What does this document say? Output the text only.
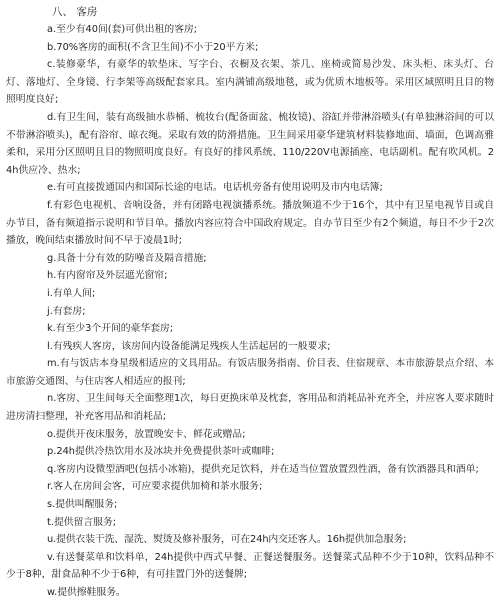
八、 客房

a.至少有40间(套)可供出租的客房;

b.70%客房的面积(不含卫生间)不小于20平方米;

c.装修豪华，有豪华的软垫床、写字台、衣橱及衣架、茶几、座椅或简易沙发、床头柜、床头灯、台灯、落地灯、全身镜、行李架等高级配套家具。室内满铺高级地毯，或为优质木地板等。采用区域照明且目的物照明度良好;

d.有卫生间，装有高级抽水恭桶、梳妆台(配备面盆、梳妆镜)、浴缸并带淋浴喷头(有单独淋浴间的可以不带淋浴喷头)，配有浴帘、晾衣绳。采取有效的防滑措施。卫生间采用豪华建筑材料装修地面、墙面，色调高雅柔和，采用分区照明且目的物照明度良好。有良好的排风系统、110/220V电源插座、电话副机。配有吹风机。24h供应冷、热水;

e.有可直接拨通国内和国际长途的电话。电话机旁备有使用说明及市内电话簿;

f.有彩色电视机、音响设备，并有闭路电视演播系统。播放频道不少于16个，其中有卫星电视节目或自办节目，备有频道指示说明和节目单。播放内容应符合中国政府规定。自办节目至少有2个频道，每日不少于2次播放，晚间结束播放时间不早于凌晨1时;

g.具备十分有效的防噪音及隔音措施;

h.有内窗帘及外层遮光窗帘;

i.有单人间;

j.有套房;

k.有至少3个开间的豪华套房;

l.有残疾人客房，该房间内设备能满足残疾人生活起居的一般要求;

m.有与饭店本身星级相适应的文具用品。有饭店服务指南、价目表、住宿规章、本市旅游景点介绍、本市旅游交通图、与住店客人相适应的报刊;

n.客房、卫生间每天全面整理1次，每日更换床单及枕套，客用品和消耗品补充齐全，并应客人要求随时进房清扫整理，补充客用品和消耗品;

o.提供开夜床服务，放置晚安卡、鲜花或赠品;

p.24h提供冷热饮用水及冰块并免费提供茶叶或咖啡;

q.客房内设微型酒吧(包括小冰箱)，提供充足饮料，并在适当位置放置烈性酒，备有饮酒器具和酒单;

r.客人在房间会客，可应要求提供加椅和茶水服务;

s.提供叫醒服务;

t.提供留言服务;

u.提供衣装干洗、湿洗、熨烫及修补服务，可在24h内交还客人。16h提供加急服务;

v.有送餐菜单和饮料单，24h提供中西式早餐、正餐送餐服务。送餐菜式品种不少于10种，饮料品种不少于8种，甜食品种不少于6种，有可挂置门外的送餐牌;

w.提供擦鞋服务。
